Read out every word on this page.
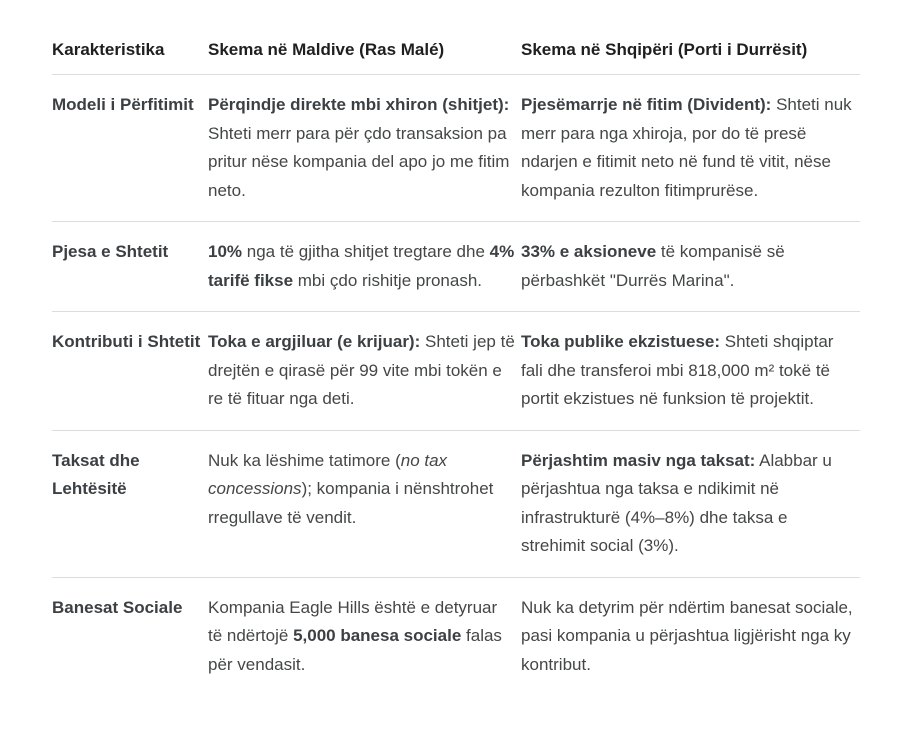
Karakteristika	Skema në Maldive (Ras Malé)	Skema në Shqipëri (Porti i Durrësit)
Modeli i Përfitimit	Përqindje direkte mbi xhiron (shitjet): Shteti merr para për çdo transaksion pa pritur nëse kompania del apo jo me fitim neto.	Pjesëmarrje në fitim (Divident): Shteti nuk merr para nga xhiroja, por do të presë ndarjen e fitimit neto në fund të vitit, nëse kompania rezulton fitimprurëse.
Pjesa e Shtetit	10% nga të gjitha shitjet tregtare dhe 4% tarifë fikse mbi çdo rishitje pronash.	33% e aksioneve të kompanisë së përbashkët "Durrës Marina".
Kontributi i Shtetit	Toka e argjiluar (e krijuar): Shteti jep të drejtën e qirasë për 99 vite mbi tokën e re të fituar nga deti.	Toka publike ekzistuese: Shteti shqiptar fali dhe transferoi mbi 818,000 m² tokë të portit ekzistues në funksion të projektit.
Taksat dhe Lehtësitë	Nuk ka lëshime tatimore (no tax concessions); kompania i nënshtrohet rregullave të vendit.	Përjashtim masiv nga taksat: Alabbar u përjashtua nga taksa e ndikimit në infrastrukturë (4%–8%) dhe taksa e strehimit social (3%).
Banesat Sociale	Kompania Eagle Hills është e detyruar të ndërtojë 5,000 banesa sociale falas për vendasit.	Nuk ka detyrim për ndërtim banesat sociale, pasi kompania u përjashtua ligjërisht nga ky kontribut.
